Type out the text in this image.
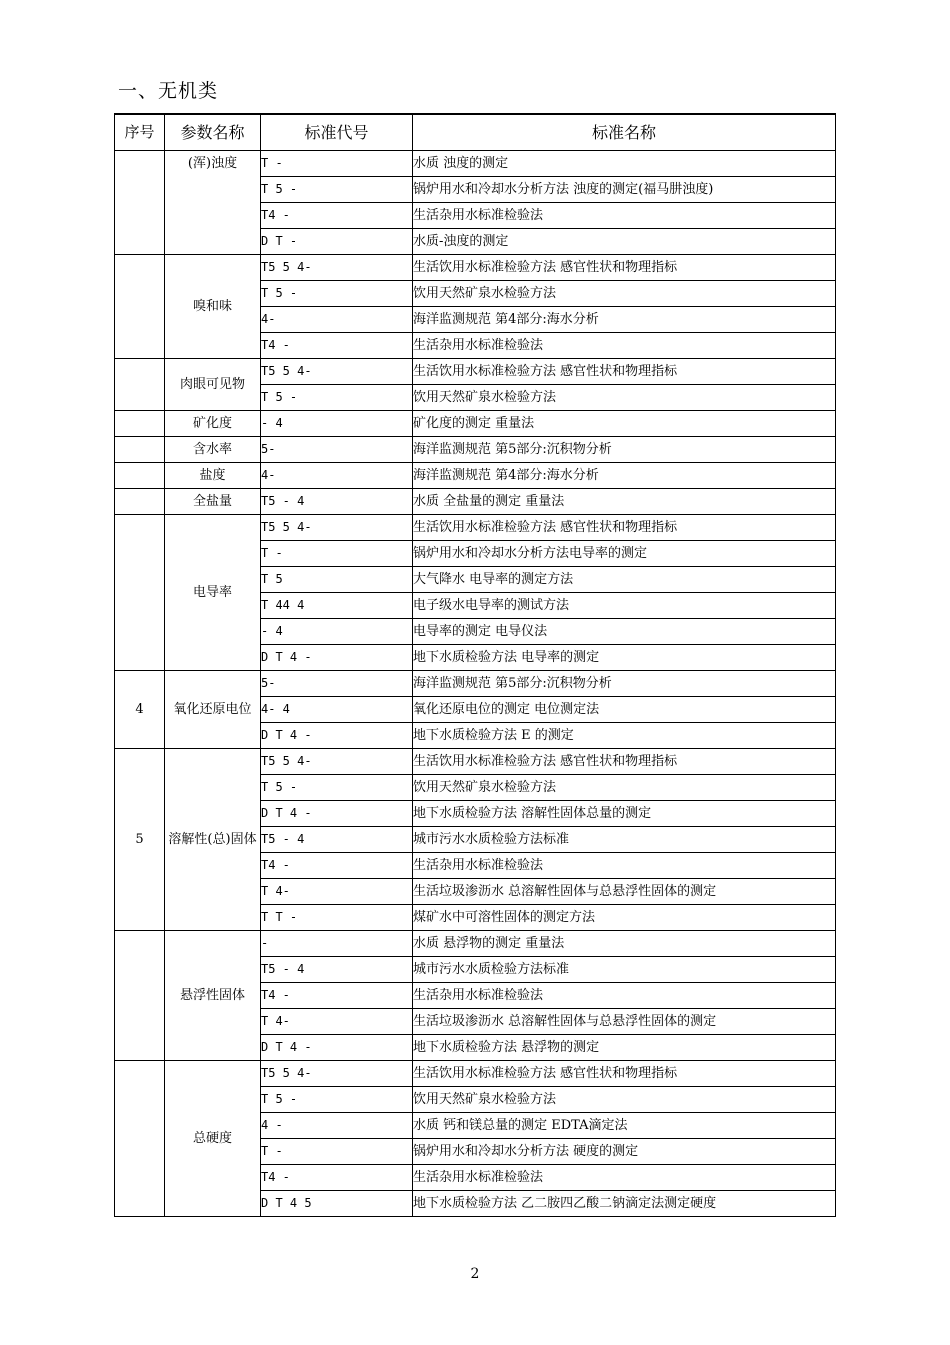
一、无机类
序号	参数名称	标准代号	标准名称
	(浑)浊度	T -	水质 浊度的测定
		T 5 -	锅炉用水和冷却水分析方法 浊度的测定(福马肼浊度)
		T4 -	生活杂用水标准检验法
		D T -	水质-浊度的测定
	嗅和味	T5 5 4-	生活饮用水标准检验方法 感官性状和物理指标
		T 5 -	饮用天然矿泉水检验方法
		4-	海洋监测规范 第4部分:海水分析
		T4 -	生活杂用水标准检验法
	肉眼可见物	T5 5 4-	生活饮用水标准检验方法 感官性状和物理指标
		T 5 -	饮用天然矿泉水检验方法
	矿化度	- 4	矿化度的测定 重量法
	含水率	5-	海洋监测规范 第5部分:沉积物分析
	盐度	4-	海洋监测规范 第4部分:海水分析
	全盐量	T5 - 4	水质 全盐量的测定 重量法
	电导率	T5 5 4-	生活饮用水标准检验方法 感官性状和物理指标
		T -	锅炉用水和冷却水分析方法电导率的测定
		T 5	大气降水 电导率的测定方法
		T 44 4	电子级水电导率的测试方法
		- 4	电导率的测定 电导仪法
		D T 4 -	地下水质检验方法 电导率的测定
4	氧化还原电位	5-	海洋监测规范 第5部分:沉积物分析
		4- 4	氧化还原电位的测定 电位测定法
		D T 4 -	地下水质检验方法 E 的测定
5	溶解性(总)固体	T5 5 4-	生活饮用水标准检验方法 感官性状和物理指标
		T 5 -	饮用天然矿泉水检验方法
		D T 4 -	地下水质检验方法 溶解性固体总量的测定
		T5 - 4	城市污水水质检验方法标准
		T4 -	生活杂用水标准检验法
		T 4-	生活垃圾渗沥水 总溶解性固体与总悬浮性固体的测定
		T T -	煤矿水中可溶性固体的测定方法
	悬浮性固体	-	水质 悬浮物的测定 重量法
		T5 - 4	城市污水水质检验方法标准
		T4 -	生活杂用水标准检验法
		T 4-	生活垃圾渗沥水 总溶解性固体与总悬浮性固体的测定
		D T 4 -	地下水质检验方法 悬浮物的测定
	总硬度	T5 5 4-	生活饮用水标准检验方法 感官性状和物理指标
		T 5 -	饮用天然矿泉水检验方法
		4 -	水质 钙和镁总量的测定 EDTA滴定法
		T -	锅炉用水和冷却水分析方法 硬度的测定
		T4 -	生活杂用水标准检验法
		D T 4 5	地下水质检验方法 乙二胺四乙酸二钠滴定法测定硬度
2
